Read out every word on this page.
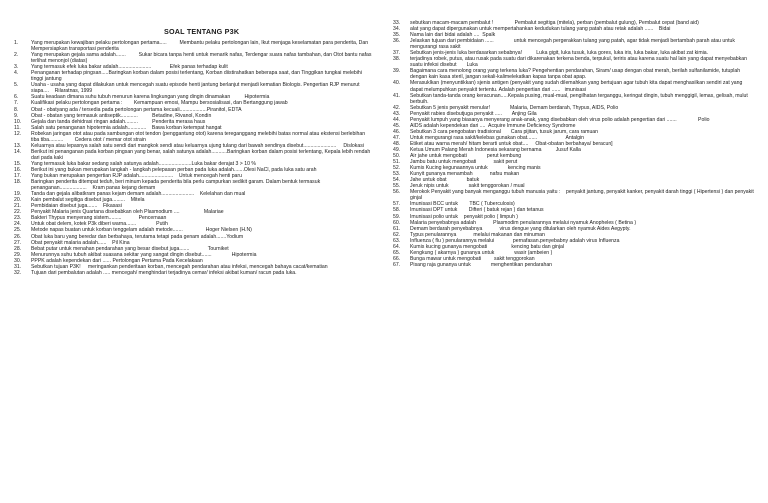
SOAL TENTANG P3K
1.	Yang merupakan kewajiban pelaku pertolongan pertama.....         Membantu pelaku pertolongan lain, Ikut menjaga keselamatan para penderita, Dan Mempersiapkan transportasi penderita
2.	Yang merupakan gejala sama adalah.......         Sukar bicara tanpa henti untuk menarik nafas, Terdengar suara nafas tambahan, dan Otot bantu nafas terlihat menonjol (diatas)
3.	Yang termasuk efek luka bakar adalah.......................             Efek panas terhadap kulit
4.	Penanganan terhadap pingsan.....Baringkan korban dalam posisi terlentang, Korban diistirahatkan beberapa saat, dan Tinggikan tungkai melebihi tinggi jantung
5.	Usaha - usaha yang dapat dilakukan untuk mencegah suatu episode henti jantung berlanjut menjadi kematian Biologis. Pengertian RJP menurut siapa....    Rilaratnas, 1999
6.	Suatu keadaan dimana suhu tubuh menurun karena lingkungan yang dingin dinamakan          Hipotermia
7.	Kualifikasi pelaku pertolongan pertama :        Kemampuan emosi, Mampu bersosialisasi, dan Bertanggung jawab
8.	Obat - obatyang ada / tersedia pada pertolongan pertama kecuali...................Piranitol, EDTA
9.	Obat - obatan yang termasuk antiseptik............          Betadine, Rivanol, Kondin
10.	Gejala dan tanda dehidrasi ringan adalah.........          Penderita merasa haus
11.	Salah satu penanganan hipotermia adalah.............    Bawa korban ketempat hangat
12.	Robekan jaringan otot atau pada sambungan otot tendon (penggantung otot) karena tereganggang melebihi batas normal atau ekstensi berlebihan tiba tiba..........        Cedera otot / memar otot strain
13.	Keluarnya atau lepasnya salah satu sendi dari mangkok sendi atau keluarnya ujung tulang dari bawah sendinya disebut.......................     Dislokasi
14.	Berikut ini penanganan pada korban pingsan yang benar, salah satunya adalah...........Baringkan korban dalam posisi terlentang, Kepala lebih rendah dari pada kaki
15.	Yang termasuk luka bakar sedang salah satunya adalah.......................Luka bakar derajat 3 > 10 %
16.	Berikut ini yang bukan merupakan langkah - langkah pelepasan perban pada luka adalah.......Olesi NaCl, pada luka satu arah
17.	Yang bukan merupakan pengertian RJP adalah........................    Untuk mencegah henti paru
18.	Baringkan penderita ditempat teduh, beri minum kepada penderita bila perlu campurkan sedikit garam. Dalam bentuk termasuk penanganan...................    Kram panas kejang demam
19.	Tanda dan gejala alibatkram panas kejam demam adalah.......................    Kelelahan dan mual
20.	Kain pembalut segitiga disebut juga.........    Mitela
21.	Pembidaian disebut juga.......    Fikasasi
22.	Penyakit Malaria jenis Quartana disebabkan oleh Plasmodium ....                 Malariae
23.	Bakteri Thypus menyerang sistem.........            Pencernaan
24.	Untuk obat delem, kotek P3k diberi warna.......              Putih
25.	Metode napas buatan untuk korban tenggelam adalah metode.......                Hoger Nielsen (H.N)
26.	Obat luka baru yang beredar dan berbahaya, terutama tetapi pada genam adalah.......Yodium
27.	Obat penyakit malaria adalah......    Pil Kina
28.	Bebat putar untuk menahan pendarahan yang besar disebut juga.......             Tourniket
29.	Menurunnya suhu tubuh akibat suasana sekitar yang sangat dingin disebut.......              Hipotermia
30.	PPPK adalah kependekan dari ...... Pertolongan Pertama Pada Kecelakaan
31.	Sebutkan tujuan P3K!     meringankan penderitaan korban, mencegah pendarahan atau infeksi, mencegah bahaya cacat/kematian
32.	Tujuan dari pembalutan adalah ..... mencegah/ menghindari terjadinya cemar/ infeksi akibat kuman/ racun pada luka.
33.	sebutkan macam-macam pembalut !               Pembalut segitiga (mitela), perban (pembalut gulung), Pembalut cepat (band aid)
34.	alat yang dapat dipergunakan untuk mempertahankan kedudukan tulang yang patah atau retak adalah ......    Bidai
35.	Nama lain dari bidai adalah ....  Spalk
36.	Jelaskan tujuan dari pembidaian ......              untuk mencegah pergerakkan tulang yang patah, agar tidak menjadi bertambah parah atau untuk mengurangi rasa sakit
37.	Sebutkan jenis-jenis luka berdasarkan sebabnya!          Luka gigit, luka tusuk, luka gores, luka iris, luka bakar, luka akibat zat kimia.
38.	terjadinya robek, putus, atau rusak pada suatu dari dikarenakan terkena benda, terpukul, teriris atau karena suatu hal lain yang dapat menyebabkan suatu infeksi disebut       Luka
39.	Bagaimana cara menolong orang yang terkena luka? Pengehentian pendarahan, Siram/ usap dengan obat merah, berilah sulfanilamide, tutuplah dengan kain kasa steril, jangan sekali-kalimelekatkan kapas tanpa obat apap.
40.	Merasuklkan (menyuntikkan) sjenis antigen (penyakit yang sudah dilemahkan yang bertujuan agar tubuh kita dapat menghasilkan sendiri zat yang dapat melumpuhkan penyakit tertentu. Adalah pengertian dari ......   imunisasi
41.	Sebutkan tanda-tanda orang keracunan.....Kepala pusing, mual-mual, pengilhatan terganggu, keringat dingin, tubuh menggigil, lemas, gelisah, mulut berbuih.
42.	Sebutkan 5 jenis penyakit menular!              Malaria, Demam berdarah, Thypus, AIDS, Polio
43.	Penyakit rabies disebutjuga penyakit .....       Anjing Gila
44.	Penyakit lumpuh yang biasanya menyerang anak-anak, yang disebabkan oleh virus polio adalah pengertian dari .......               Polio
45.	AIDS adalah kependekan dari ....  Acquire Immune Deficiency Syndrome
46.	Sebutkan 3 cara pengobatan tradisional       Cara pijitan, tusuk jarum, cara ramuan
47.	Untuk mengurangi rasa sakit/kelebas gunakan obat.......                    Antalgin
48.	Etiket atau warna merah/ hitam berarti untuk obat....     Obat-obatan berbahaya/ beracun]
49.	Ketua Umum Palang Merah Indonesia sekarang bernama          Jusuf Kalla
50.	Air jahe untuk mengobati              perut kembung
51.	Jambu batu untuk mengobati            sakit perut
52.	Kumis Kucing kegunaannya untuk              kencing manis
53.	Kunyit gunanya menambah            nafsu makan
54.	Jahe untuk obat              batuk
55.	Jeruk nipis untuk              sakit tenggorokan / mual
56.	Merokok Penyakit yang banyak menganggu tubuh manusia yaitu :    penyakit jantung, penyakit kanker, penyakit darah tinggi ( Hipertensi ) dan penyakit ginjal
57.	Imunisasi BCC untuk        TBC ( Tuberculosis)
58.	Imunisasi DPT untuk        Difteri ( batuk rejan ) dan tetanus
59.	Imunisasi polio untuk    penyakit polio ( limpuh )
60.	Malaria penyebabnya adalah            Plasmodim penularannya melalui nyamuk Anopheles ( Betina )
61.	Demam berdarah penyebabnya            virus dengue yang ditularkan oleh nyamuk Aides Aegypty.
62.	Typus penularannya            melalui makanan dan minuman
63.	Influenza ( flu ) penularannya melalui             pernafasan.penyebabny adalah virus Influenza
64.	Kumis kucing gunanya mengobati                 kencing batu dan ginjal
65.	Kengkung ( akarnya ) gunanya untuk              wasir (ambeien )
66.	Bunga mawar untuk mengobati         sakit tenggorokan
67.	Pisang raja gunanya untuk              menghentikan pendarahan
